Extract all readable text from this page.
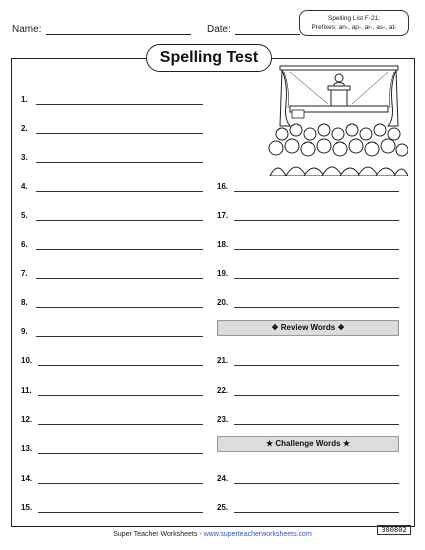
Name:	Date:
Spelling List F-21:
Prefixes: an-, ap-, ar-, as-, at-
Spelling Test
1.
2.
3.
4.
5.
6.
7.
8.
9.
10.
11.
12.
13.
14.
15.
16.
17.
18.
19.
20.
❖ Review Words ❖
21.
22.
23.
★ Challenge Words ★
24.
25.
Super Teacher Worksheets - www.superteacherworksheets.com
300802
